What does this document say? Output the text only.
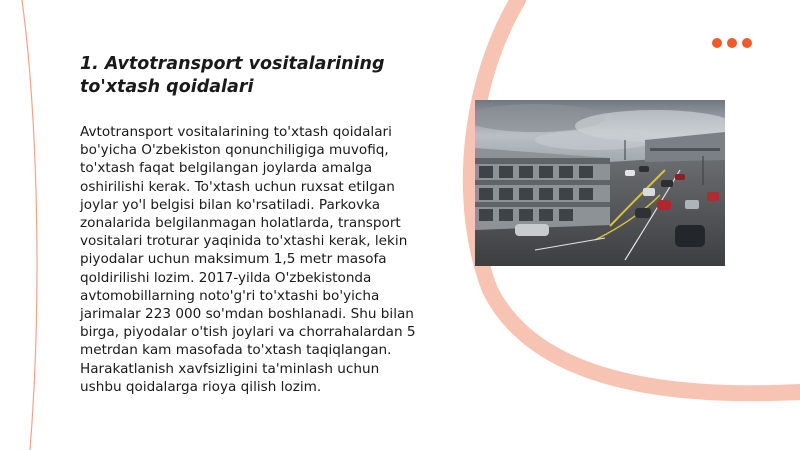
1. Avtotransport vositalarining to'xtash qoidalari

Avtotransport vositalarining to'xtash qoidalari bo'yicha O'zbekiston qonunchiligiga muvofiq, to'xtash faqat belgilangan joylarda amalga oshirilishi kerak. To'xtash uchun ruxsat etilgan joylar yo'l belgisi bilan ko'rsatiladi. Parkovka zonalarida belgilanmagan holatlarda, transport vositalari troturar yaqinida to'xtashi kerak, lekin piyodalar uchun maksimum 1,5 metr masofa qoldirilishi lozim. 2017-yilda O'zbekistonda avtomobillarning noto'g'ri to'xtashi bo'yicha jarimalar 223 000 so'mdan boshlanadi. Shu bilan birga, piyodalar o'tish joylari va chorrahalardan 5 metrdan kam masofada to'xtash taqiqlangan. Harakatlanish xavfsizligini ta'minlash uchun ushbu qoidalarga rioya qilish lozim.
